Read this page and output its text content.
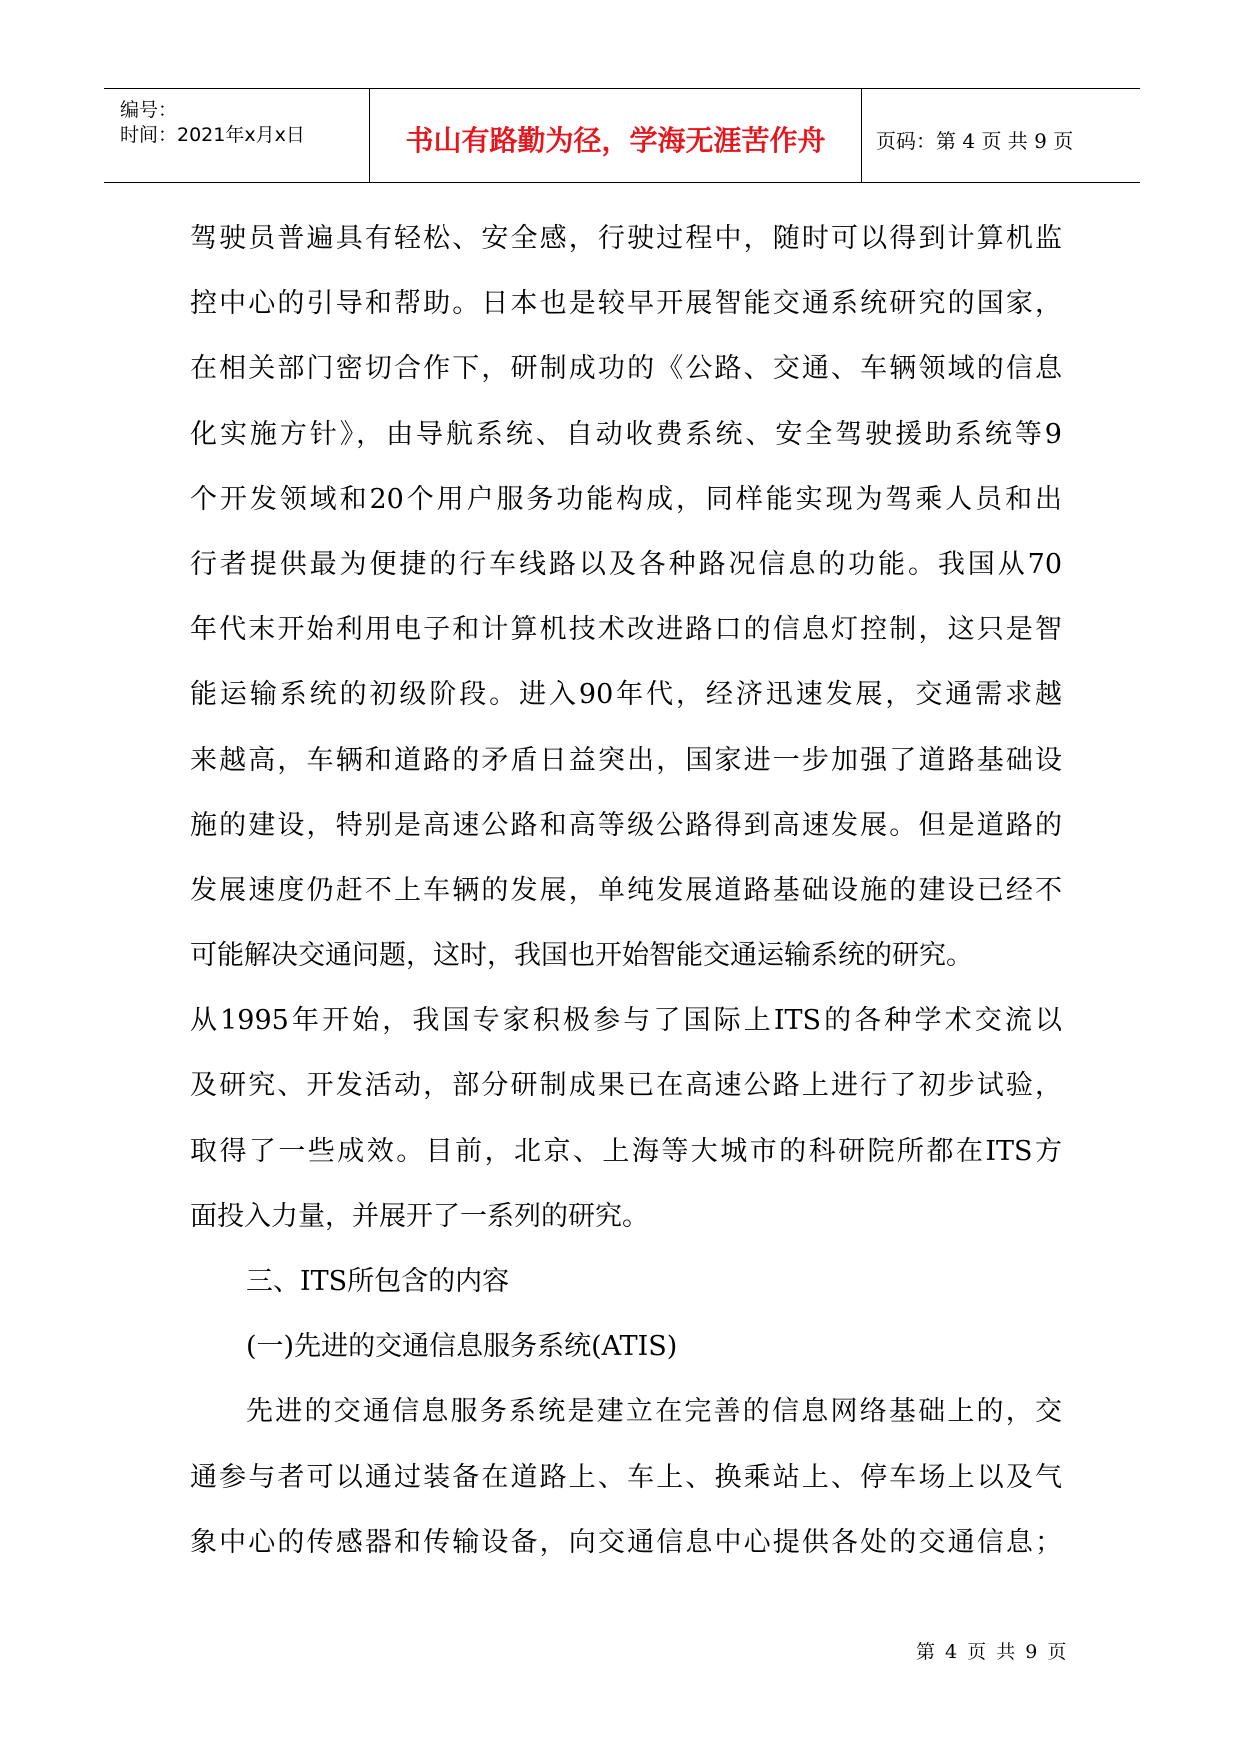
编号：
时间：2021年x月x日	书山有路勤为径，学海无涯苦作舟	页码：第 4 页 共 9 页
驾驶员普遍具有轻松、安全感，行驶过程中，随时可以得到计算机监
控中心的引导和帮助。日本也是较早开展智能交通系统研究的国家，
在相关部门密切合作下，研制成功的《公路、交通、车辆领域的信息
化实施方针》，由导航系统、自动收费系统、安全驾驶援助系统等9
个开发领域和20个用户服务功能构成，同样能实现为驾乘人员和出
行者提供最为便捷的行车线路以及各种路况信息的功能。我国从70
年代末开始利用电子和计算机技术改进路口的信息灯控制，这只是智
能运输系统的初级阶段。进入90年代，经济迅速发展，交通需求越
来越高，车辆和道路的矛盾日益突出，国家进一步加强了道路基础设
施的建设，特别是高速公路和高等级公路得到高速发展。但是道路的
发展速度仍赶不上车辆的发展，单纯发展道路基础设施的建设已经不
可能解决交通问题，这时，我国也开始智能交通运输系统的研究。
从1995年开始，我国专家积极参与了国际上ITS的各种学术交流以
及研究、开发活动，部分研制成果已在高速公路上进行了初步试验，
取得了一些成效。目前，北京、上海等大城市的科研院所都在ITS方
面投入力量，并展开了一系列的研究。
三、ITS所包含的内容
(一)先进的交通信息服务系统(ATIS)
先进的交通信息服务系统是建立在完善的信息网络基础上的，交
通参与者可以通过装备在道路上、车上、换乘站上、停车场上以及气
象中心的传感器和传输设备，向交通信息中心提供各处的交通信息；
第 4 页 共 9 页
